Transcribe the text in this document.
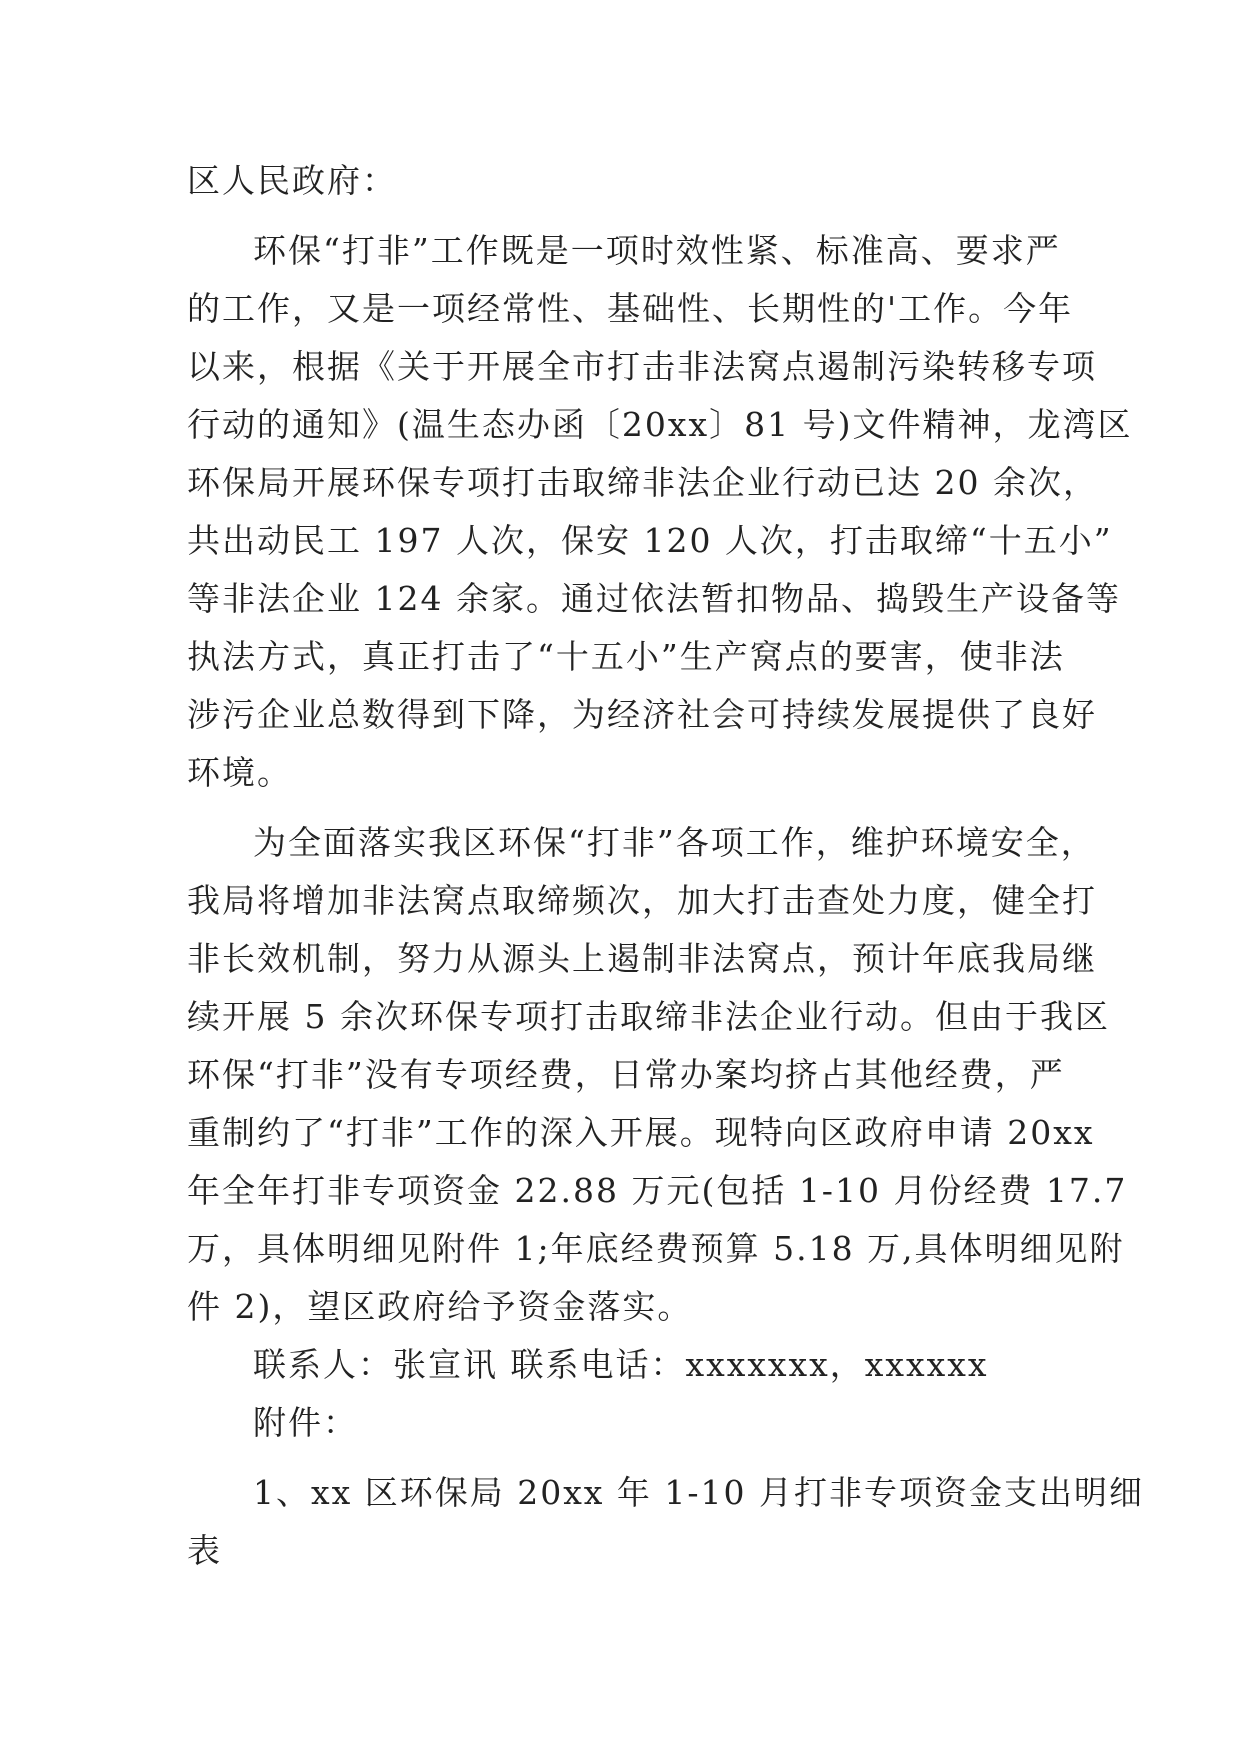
区人民政府：
环保“打非”工作既是一项时效性紧、标准高、要求严
的工作，又是一项经常性、基础性、长期性的'工作。今年
以来，根据《关于开展全市打击非法窝点遏制污染转移专项
行动的通知》(温生态办函〔20xx〕81 号)文件精神，龙湾区
环保局开展环保专项打击取缔非法企业行动已达 20 余次，
共出动民工 197 人次，保安 120 人次，打击取缔“十五小”
等非法企业 124 余家。通过依法暂扣物品、捣毁生产设备等
执法方式，真正打击了“十五小”生产窝点的要害，使非法
涉污企业总数得到下降，为经济社会可持续发展提供了良好
环境。
为全面落实我区环保“打非”各项工作，维护环境安全，
我局将增加非法窝点取缔频次，加大打击查处力度，健全打
非长效机制，努力从源头上遏制非法窝点，预计年底我局继
续开展 5 余次环保专项打击取缔非法企业行动。但由于我区
环保“打非”没有专项经费，日常办案均挤占其他经费，严
重制约了“打非”工作的深入开展。现特向区政府申请 20xx
年全年打非专项资金 22.88 万元(包括 1-10 月份经费 17.7
万，具体明细见附件 1;年底经费预算 5.18 万,具体明细见附
件 2)，望区政府给予资金落实。
联系人：张宣讯 联系电话：xxxxxxx，xxxxxx
附件：
1、xx 区环保局 20xx 年 1-10 月打非专项资金支出明细
表
